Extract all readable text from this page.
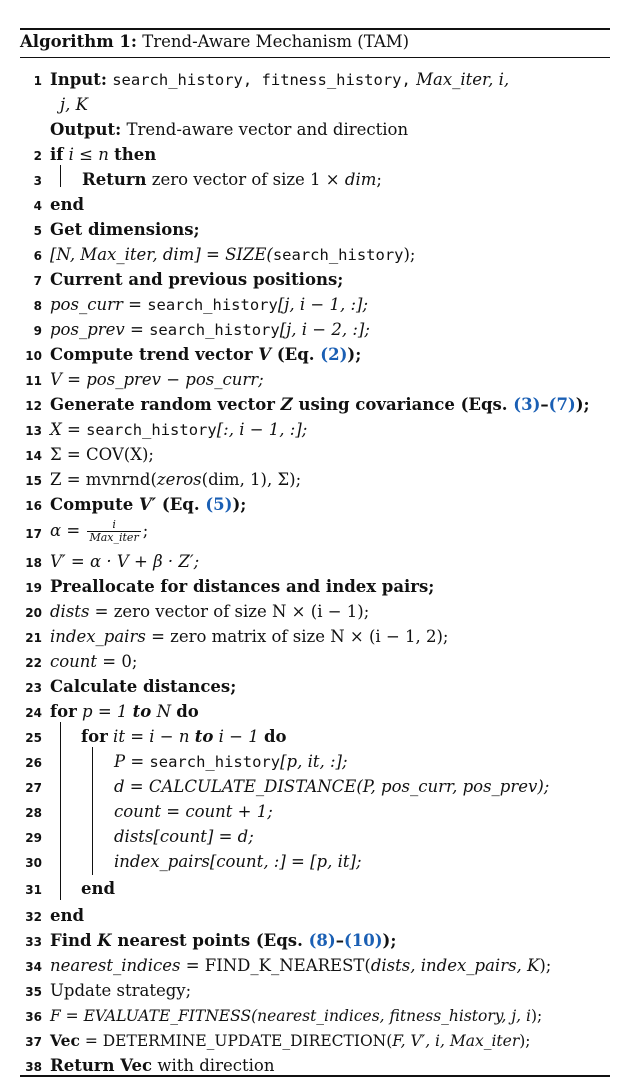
Algorithm 1: Trend-Aware Mechanism (TAM)
1 Input: search_history, fitness_history, Max_iter, i,
j, K
Output: Trend-aware vector and direction
2 if i ≤ n then
3 Return zero vector of size 1 × dim;
4 end
5 Get dimensions;
6 [N, Max_iter, dim] = SIZE(search_history);
7 Current and previous positions;
8 pos_curr = search_history[j, i − 1, :];
9 pos_prev = search_history[j, i − 2, :];
10 Compute trend vector V (Eq. (2));
11 V = pos_prev − pos_curr;
12 Generate random vector Z using covariance (Eqs. (3)–(7));
13 X = search_history[:, i − 1, :];
14 Σ = COV(X);
15 Z = mvnrnd(zeros(dim, 1), Σ);
16 Compute V′ (Eq. (5));
17 $\alpha = \frac{i}{\text{Max\_iter}}$ ;
18 V′ = α · V + β · Z′;
19 Preallocate for distances and index pairs;
20 dists = zero vector of size N × (i − 1);
21 index_pairs = zero matrix of size N × (i − 1, 2);
22 count = 0;
23 Calculate distances;
24 for p = 1 to N do
25 for it = i − n to i − 1 do
26	P = search_history[p, it, :];
27	d = CALCULATE_DISTANCE(P, pos_curr, pos_prev);
28	count = count + 1;
29	dists[count] = d;
30	index_pairs[count, :] = [p, it];
31 end
32 end
33 Find K nearest points (Eqs. (8)–(10));
34 nearest_indices = FIND_K_NEAREST(dists, index_pairs, K);
35 Update strategy;
36 F = EVALUATE_FITNESS(nearest_indices, fitness_history, j, i);
37 Vec = DETERMINE_UPDATE_DIRECTION(F, V′, i, Max_iter);
38 Return Vec with direction
